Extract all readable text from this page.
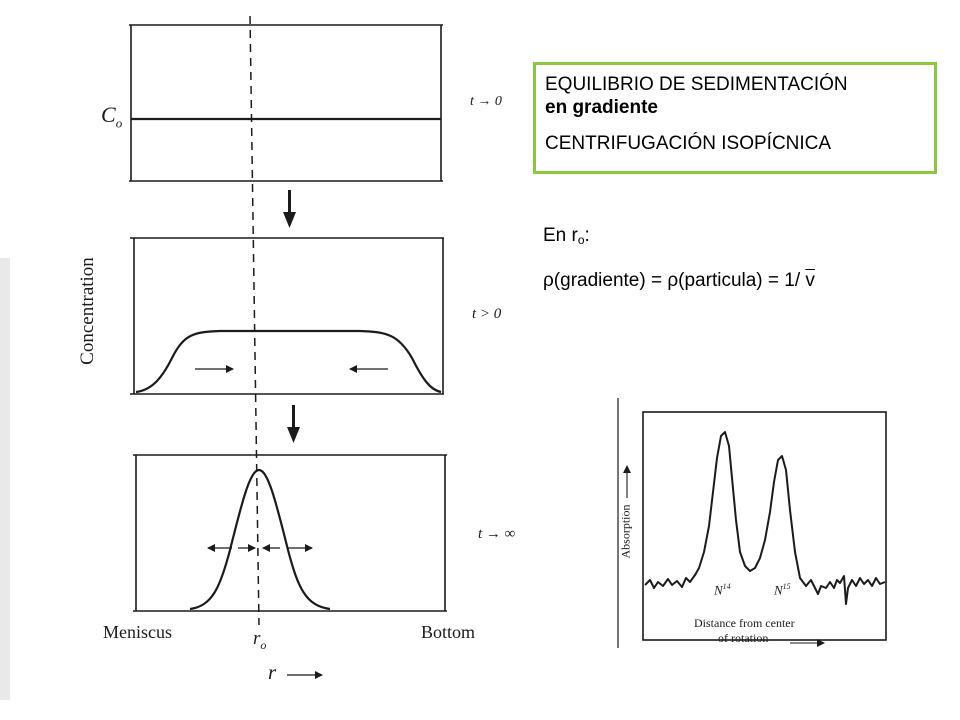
EQUILIBRIO DE SEDIMENTACIÓN
en gradiente
CENTRIFUGACIÓN ISOPÍCNICA
En $r_o$:
ρ(gradiente) = ρ(particula) = 1/ $\overline{v}$
Concentration
$C_o$
t → 0
t > 0
t → ∞
Meniscus	Bottom
$r_o$
r
Absorption
$N^{14}$	$N^{15}$
Distance from center
of rotation
